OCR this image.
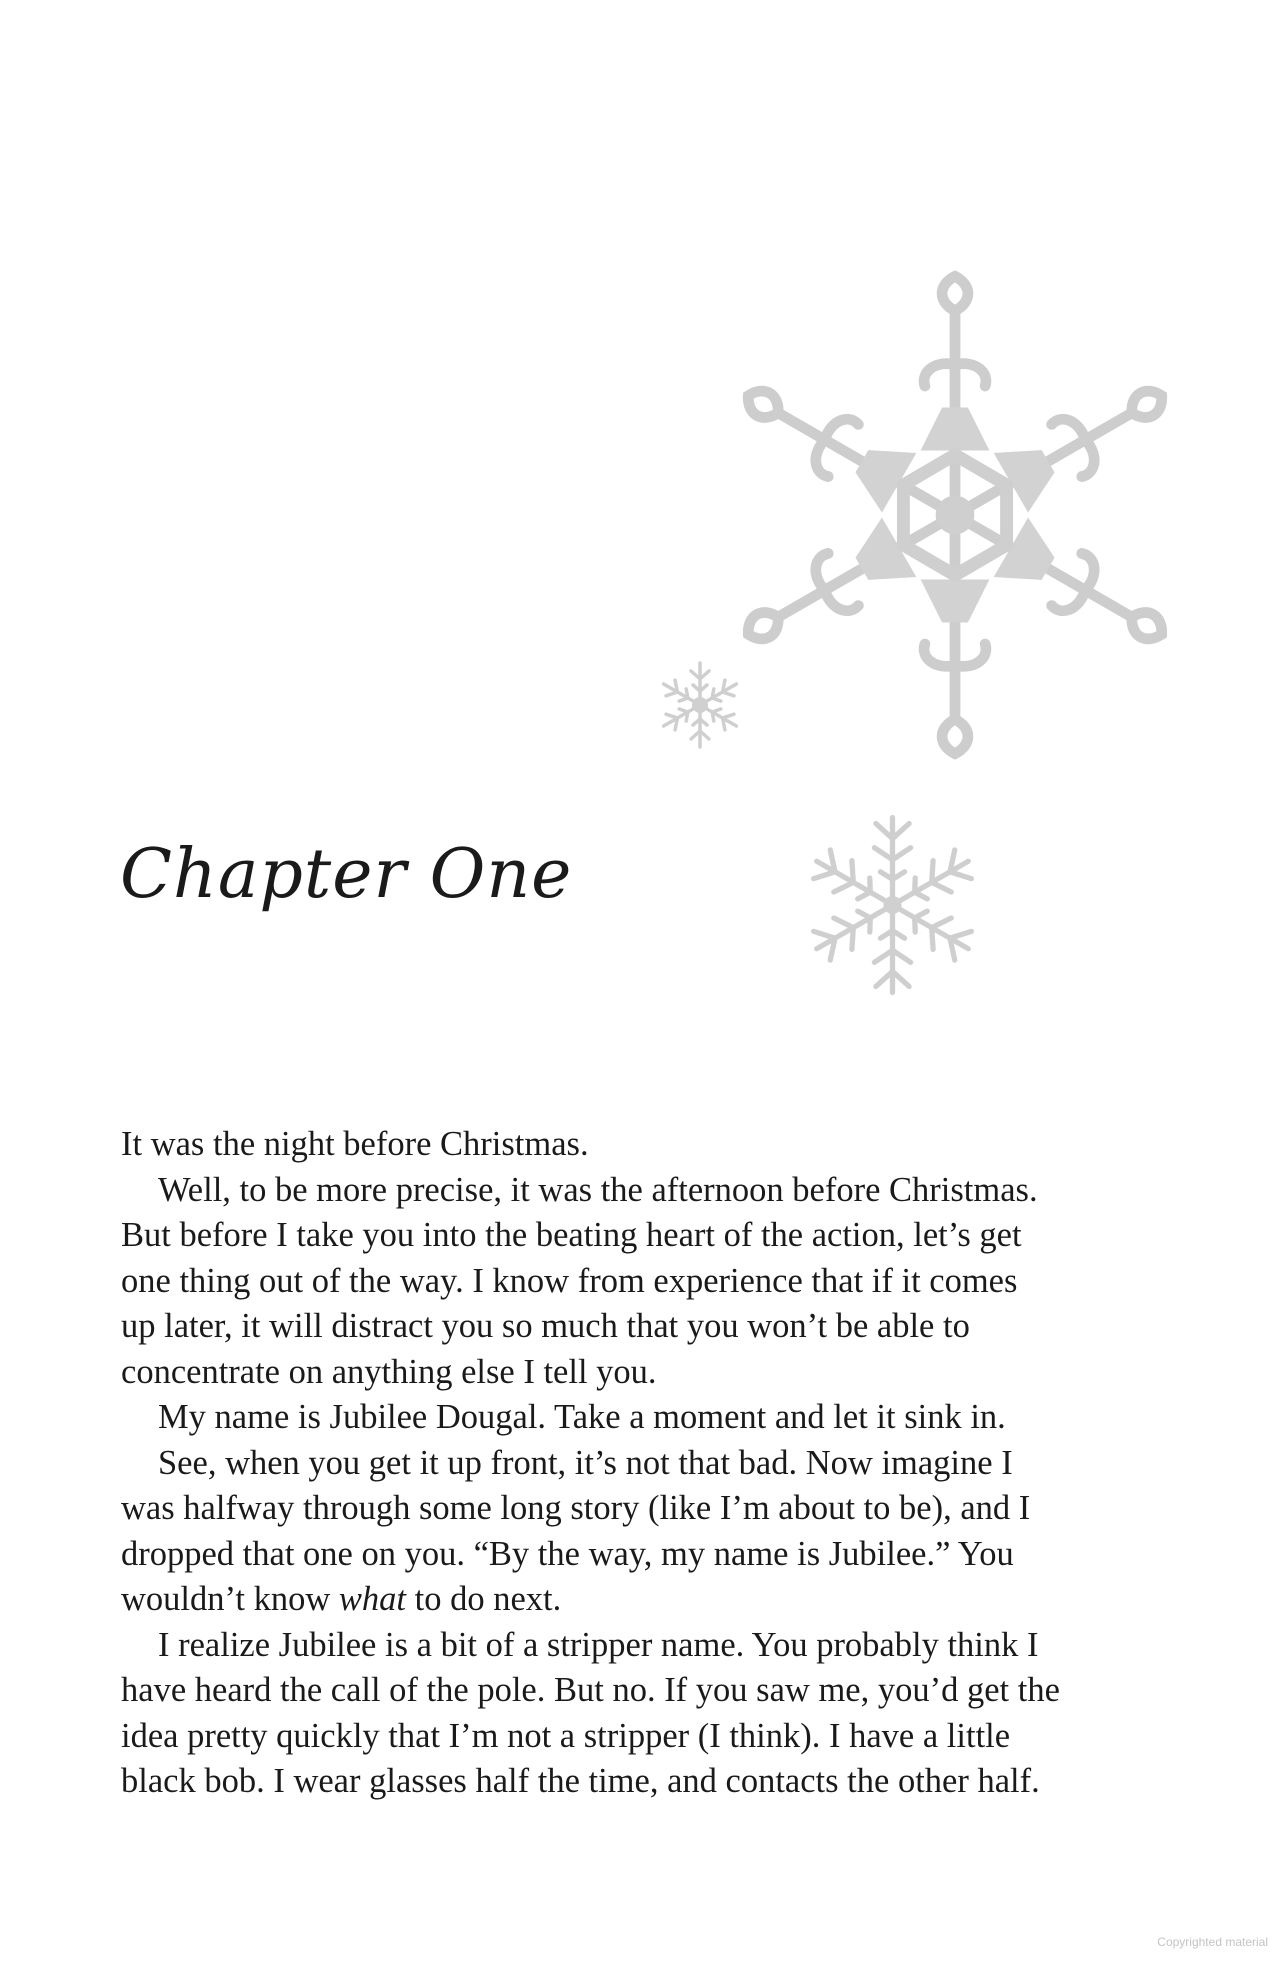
Chapter One

It was the night before Christmas.

Well, to be more precise, it was the afternoon before Christmas.

But before I take you into the beating heart of the action, let’s get

one thing out of the way. I know from experience that if it comes

up later, it will distract you so much that you won’t be able to

concentrate on anything else I tell you.

My name is Jubilee Dougal. Take a moment and let it sink in.

See, when you get it up front, it’s not that bad. Now imagine I

was halfway through some long story (like I’m about to be), and I

dropped that one on you. “By the way, my name is Jubilee.” You

wouldn’t know what to do next.

I realize Jubilee is a bit of a stripper name. You probably think I

have heard the call of the pole. But no. If you saw me, you’d get the

idea pretty quickly that I’m not a stripper (I think). I have a little

black bob. I wear glasses half the time, and contacts the other half.

Copyrighted material
